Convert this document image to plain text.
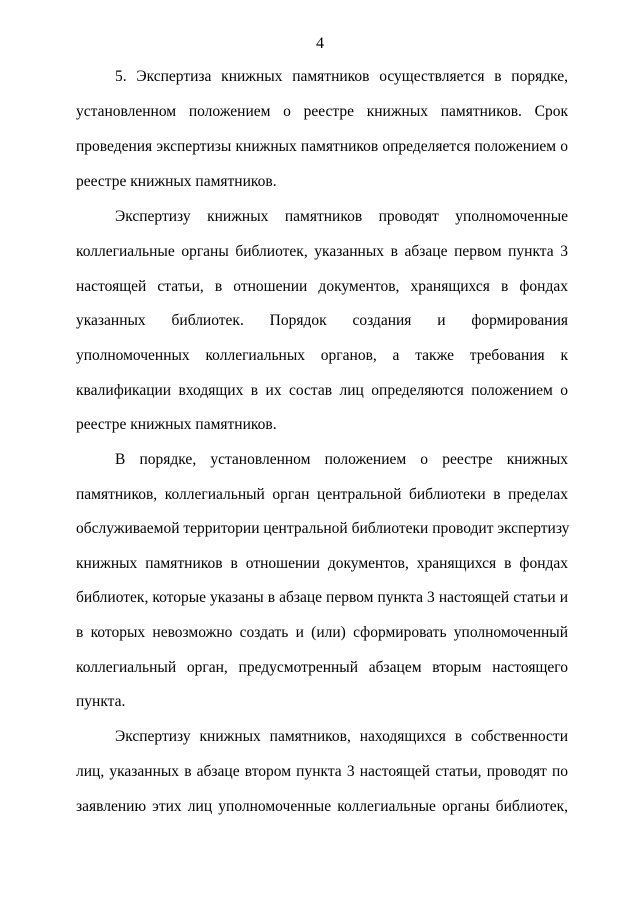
4
5. Экспертиза книжных памятников осуществляется в порядке,
установленном положением о реестре книжных памятников. Срок
проведения экспертизы книжных памятников определяется положением о
реестре книжных памятников.
Экспертизу книжных памятников проводят уполномоченные
коллегиальные органы библиотек, указанных в абзаце первом пункта 3
настоящей статьи, в отношении документов, хранящихся в фондах
указанных библиотек. Порядок создания и формирования
уполномоченных коллегиальных органов, а также требования к
квалификации входящих в их состав лиц определяются положением о
реестре книжных памятников.
В порядке, установленном положением о реестре книжных
памятников, коллегиальный орган центральной библиотеки в пределах
обслуживаемой территории центральной библиотеки проводит экспертизу
книжных памятников в отношении документов, хранящихся в фондах
библиотек, которые указаны в абзаце первом пункта 3 настоящей статьи и
в которых невозможно создать и (или) сформировать уполномоченный
коллегиальный орган, предусмотренный абзацем вторым настоящего
пункта.
Экспертизу книжных памятников, находящихся в собственности
лиц, указанных в абзаце втором пункта 3 настоящей статьи, проводят по
заявлению этих лиц уполномоченные коллегиальные органы библиотек,
